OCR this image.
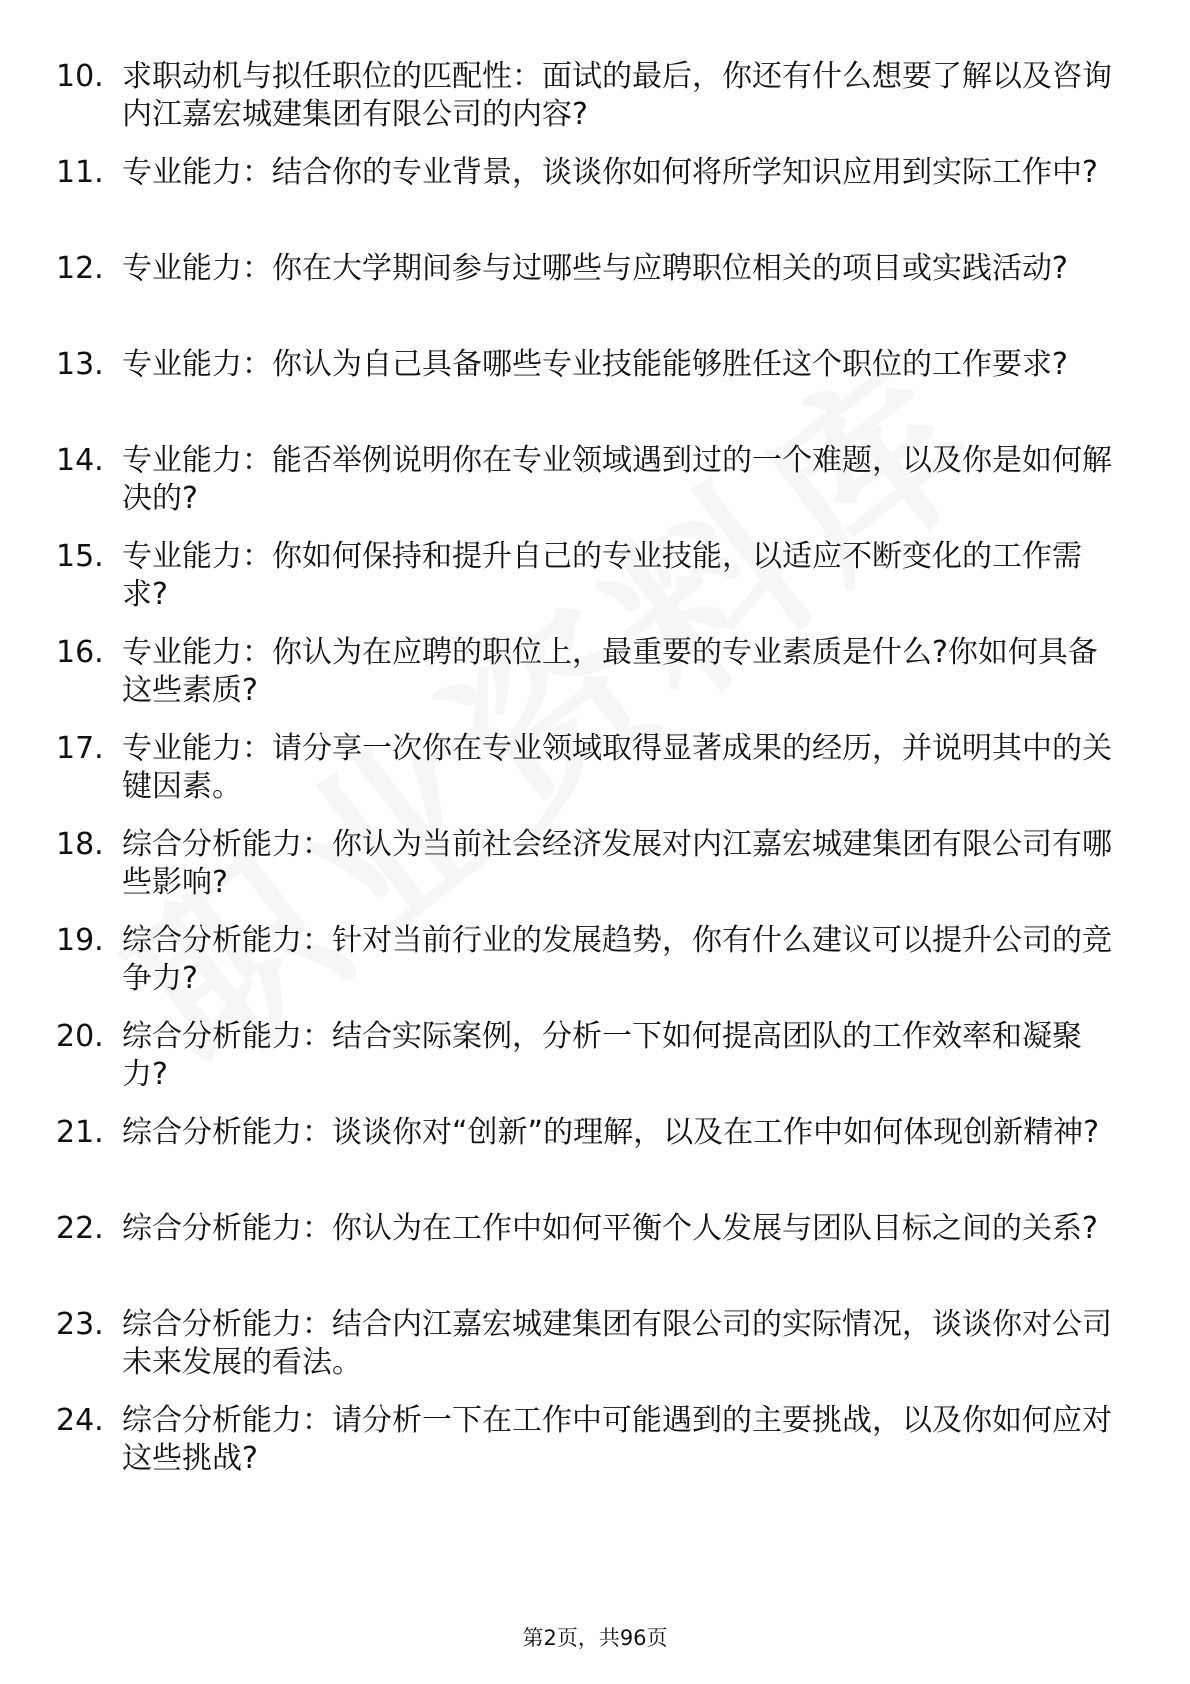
10. 求职动机与拟任职位的匹配性：面试的最后，你还有什么想要了解以及咨询内江嘉宏城建集团有限公司的内容?
11. 专业能力：结合你的专业背景，谈谈你如何将所学知识应用到实际工作中?
12. 专业能力：你在大学期间参与过哪些与应聘职位相关的项目或实践活动?
13. 专业能力：你认为自己具备哪些专业技能能够胜任这个职位的工作要求?
14. 专业能力：能否举例说明你在专业领域遇到过的一个难题，以及你是如何解决的?
15. 专业能力：你如何保持和提升自己的专业技能，以适应不断变化的工作需求?
16. 专业能力：你认为在应聘的职位上，最重要的专业素质是什么?你如何具备这些素质?
17. 专业能力：请分享一次你在专业领域取得显著成果的经历，并说明其中的关键因素。
18. 综合分析能力：你认为当前社会经济发展对内江嘉宏城建集团有限公司有哪些影响?
19. 综合分析能力：针对当前行业的发展趋势，你有什么建议可以提升公司的竞争力?
20. 综合分析能力：结合实际案例，分析一下如何提高团队的工作效率和凝聚力?
21. 综合分析能力：谈谈你对“创新”的理解，以及在工作中如何体现创新精神?
22. 综合分析能力：你认为在工作中如何平衡个人发展与团队目标之间的关系?
23. 综合分析能力：结合内江嘉宏城建集团有限公司的实际情况，谈谈你对公司未来发展的看法。
24. 综合分析能力：请分析一下在工作中可能遇到的主要挑战，以及你如何应对这些挑战?
第2页，共96页
